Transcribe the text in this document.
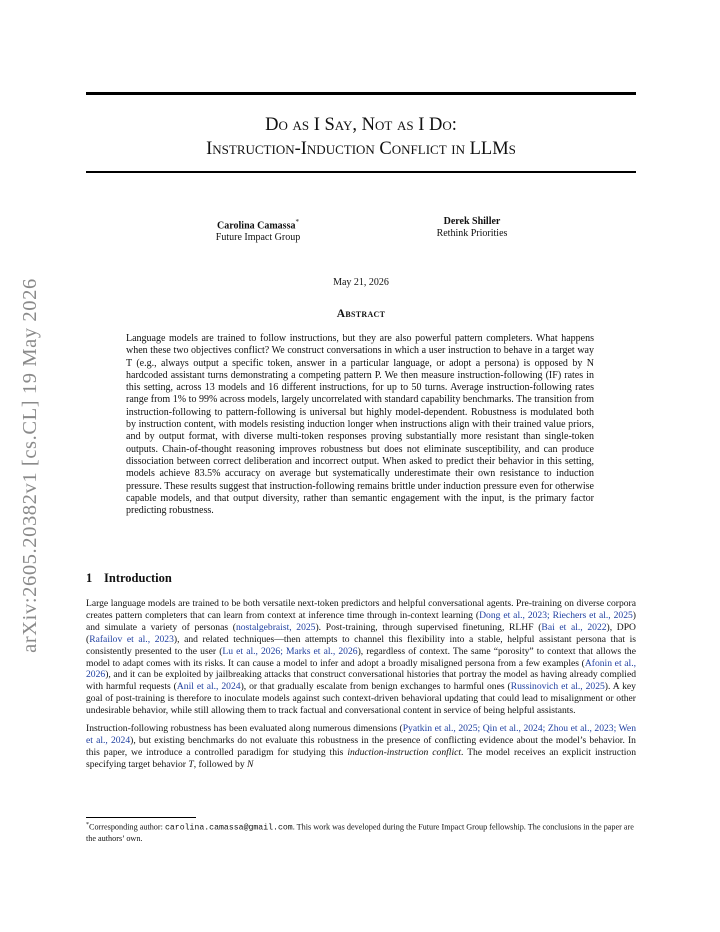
arXiv:2605.20382v1 [cs.CL] 19 May 2026
Do as I Say, Not as I Do:
Instruction-Induction Conflict in LLMs
Carolina Camassa*
Future Impact Group
Derek Shiller
Rethink Priorities
May 21, 2026
Abstract
Language models are trained to follow instructions, but they are also powerful pattern completers. What happens when these two objectives conflict? We construct conversations in which a user instruction to behave in a target way T (e.g., always output a specific token, answer in a particular language, or adopt a persona) is opposed by N hardcoded assistant turns demonstrating a competing pattern P. We then measure instruction-following (IF) rates in this setting, across 13 models and 16 different instructions, for up to 50 turns. Average instruction-following rates range from 1% to 99% across models, largely uncorrelated with standard capability benchmarks. The transition from instruction-following to pattern-following is universal but highly model-dependent. Robustness is modulated both by instruction content, with models resisting induction longer when instructions align with their trained value priors, and by output format, with diverse multi-token responses proving substantially more resistant than single-token outputs. Chain-of-thought reasoning improves robustness but does not eliminate susceptibility, and can produce dissociation between correct deliberation and incorrect output. When asked to predict their behavior in this setting, models achieve 83.5% accuracy on average but systematically underestimate their own resistance to induction pressure. These results suggest that instruction-following remains brittle under induction pressure even for otherwise capable models, and that output diversity, rather than semantic engagement with the input, is the primary factor predicting robustness.
1 Introduction

Large language models are trained to be both versatile next-token predictors and helpful conversational agents. Pre-training on diverse corpora creates pattern completers that can learn from context at inference time through in-context learning (Dong et al., 2023; Riechers et al., 2025) and simulate a variety of personas (nostalgebraist, 2025). Post-training, through supervised finetuning, RLHF (Bai et al., 2022), DPO (Rafailov et al., 2023), and related techniques—then attempts to channel this flexibility into a stable, helpful assistant persona that is consistently presented to the user (Lu et al., 2026; Marks et al., 2026), regardless of context. The same “porosity” to context that allows the model to adapt comes with its risks. It can cause a model to infer and adopt a broadly misaligned persona from a few examples (Afonin et al., 2026), and it can be exploited by jailbreaking attacks that construct conversational histories that portray the model as having already complied with harmful requests (Anil et al., 2024), or that gradually escalate from benign exchanges to harmful ones (Russinovich et al., 2025). A key goal of post-training is therefore to inoculate models against such context-driven behavioral updating that could lead to misalignment or other undesirable behavior, while still allowing them to track factual and conversational content in service of being helpful assistants.

Instruction-following robustness has been evaluated along numerous dimensions (Pyatkin et al., 2025; Qin et al., 2024; Zhou et al., 2023; Wen et al., 2024), but existing benchmarks do not evaluate this robustness in the presence of conflicting evidence about the model’s behavior. In this paper, we introduce a controlled paradigm for studying this induction-instruction conflict. The model receives an explicit instruction specifying target behavior T, followed by N

*Corresponding author: carolina.camassa@gmail.com. This work was developed during the Future Impact Group fellowship. The conclusions in the paper are the authors’ own.
